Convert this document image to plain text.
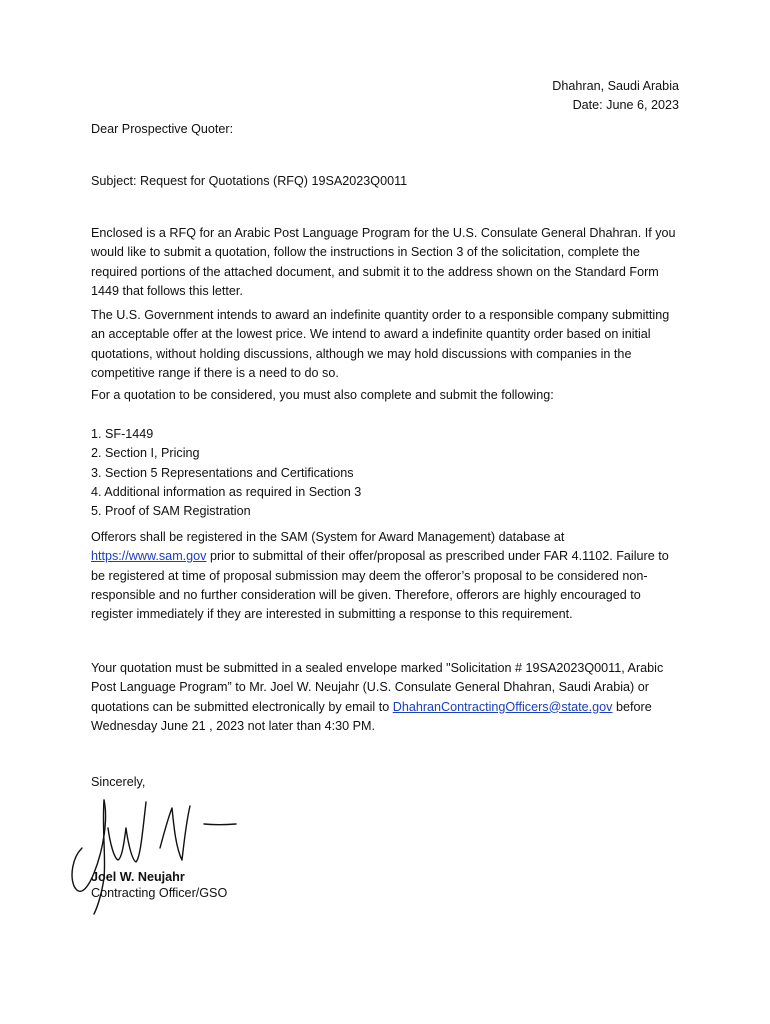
Dhahran, Saudi Arabia
Date: June 6, 2023

Dear Prospective Quoter:

Subject: Request for Quotations (RFQ) 19SA2023Q0011

Enclosed is a RFQ for an Arabic Post Language Program for the U.S. Consulate General Dhahran. If you would like to submit a quotation, follow the instructions in Section 3 of the solicitation, complete the required portions of the attached document, and submit it to the address shown on the Standard Form 1449 that follows this letter.

The U.S. Government intends to award an indefinite quantity order to a responsible company submitting an acceptable offer at the lowest price. We intend to award a indefinite quantity order based on initial quotations, without holding discussions, although we may hold discussions with companies in the competitive range if there is a need to do so.

For a quotation to be considered, you must also complete and submit the following:

1. SF-1449
2. Section I, Pricing
3. Section 5 Representations and Certifications
4. Additional information as required in Section 3
5. Proof of SAM Registration

Offerors shall be registered in the SAM (System for Award Management) database at https://www.sam.gov prior to submittal of their offer/proposal as prescribed under FAR 4.1102. Failure to be registered at time of proposal submission may deem the offeror’s proposal to be considered non-responsible and no further consideration will be given. Therefore, offerors are highly encouraged to register immediately if they are interested in submitting a response to this requirement.

Your quotation must be submitted in a sealed envelope marked "Solicitation # 19SA2023Q0011, Arabic Post Language Program” to Mr. Joel W. Neujahr (U.S. Consulate General Dhahran, Saudi Arabia) or quotations can be submitted electronically by email to DhahranContractingOfficers@state.gov before Wednesday June 21 , 2023 not later than 4:30 PM.

Sincerely,

Joel W. Neujahr

Contracting Officer/GSO
